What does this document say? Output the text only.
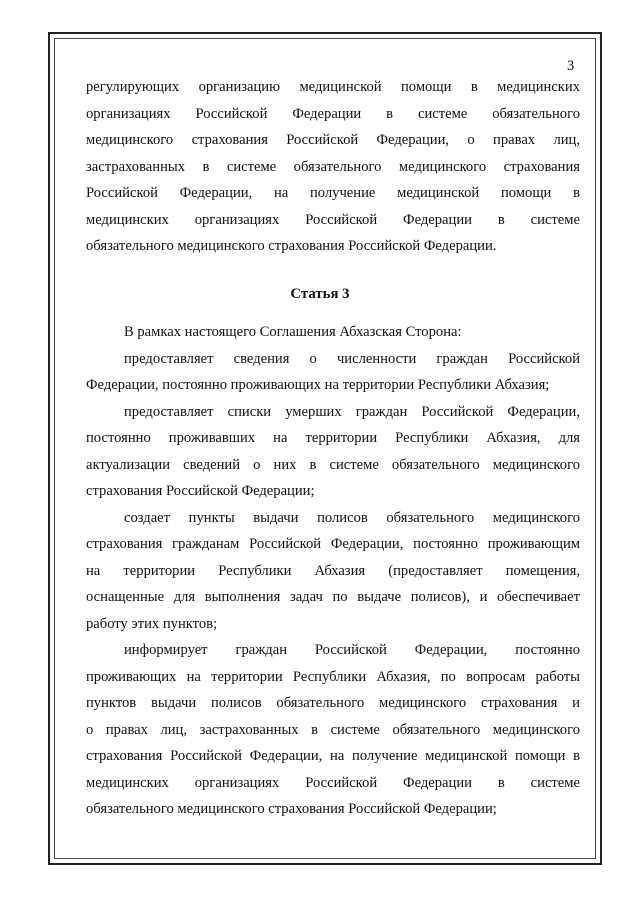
3
регулирующих организацию медицинской помощи в медицинских
организациях Российской Федерации в системе обязательного
медицинского страхования Российской Федерации, о правах лиц,
застрахованных в системе обязательного медицинского страхования
Российской Федерации, на получение медицинской помощи в
медицинских организациях Российской Федерации в системе
обязательного медицинского страхования Российской Федерации.
Статья 3
В рамках настоящего Соглашения Абхазская Сторона:
предоставляет сведения о численности граждан Российской
Федерации, постоянно проживающих на территории Республики Абхазия;
предоставляет списки умерших граждан Российской Федерации,
постоянно проживавших на территории Республики Абхазия, для
актуализации сведений о них в системе обязательного медицинского
страхования Российской Федерации;
создает пункты выдачи полисов обязательного медицинского
страхования гражданам Российской Федерации, постоянно проживающим
на территории Республики Абхазия (предоставляет помещения,
оснащенные для выполнения задач по выдаче полисов), и обеспечивает
работу этих пунктов;
информирует граждан Российской Федерации, постоянно
проживающих на территории Республики Абхазия, по вопросам работы
пунктов выдачи полисов обязательного медицинского страхования и
о правах лиц, застрахованных в системе обязательного медицинского
страхования Российской Федерации, на получение медицинской помощи в
медицинских организациях Российской Федерации в системе
обязательного медицинского страхования Российской Федерации;
